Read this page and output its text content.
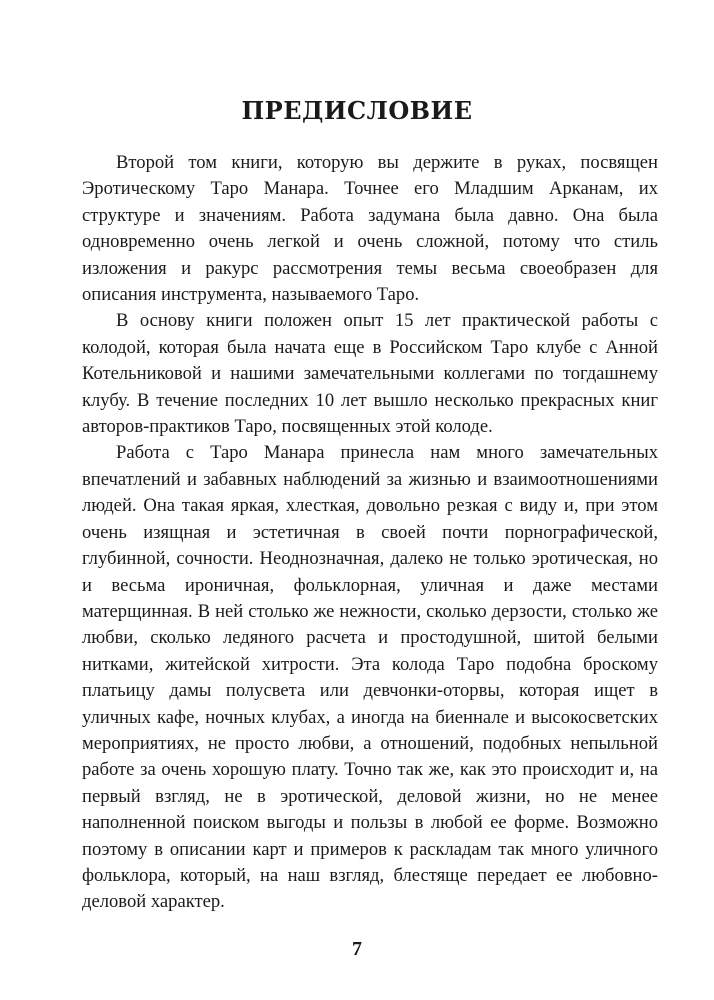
ПРЕДИСЛОВИЕ

Второй том книги, которую вы держите в руках, посвящен Эротическому Таро Манара. Точнее его Младшим Арканам, их структуре и значениям. Работа задумана была давно. Она была одновременно очень легкой и очень сложной, потому что стиль изложения и ракурс рассмотрения темы весьма своеобразен для описания инструмента, называемого Таро.

В основу книги положен опыт 15 лет практической работы с колодой, которая была начата еще в Российском Таро клубе с Анной Котельниковой и нашими замечательными коллегами по тогдашнему клубу. В течение последних 10 лет вышло несколько прекрасных книг авторов-практиков Таро, посвященных этой колоде.

Работа с Таро Манара принесла нам много замечательных впечатлений и забавных наблюдений за жизнью и взаимоотношениями людей. Она такая яркая, хлесткая, довольно резкая с виду и, при этом очень изящная и эстетичная в своей почти порнографической, глубинной, сочности. Неоднозначная, далеко не только эротическая, но и весьма ироничная, фольклорная, уличная и даже местами матерщинная. В ней столько же нежности, сколько дерзости, столько же любви, сколько ледяного расчета и простодушной, шитой белыми нитками, житейской хитрости. Эта колода Таро подобна броскому платьицу дамы полусвета или девчонки-оторвы, которая ищет в уличных кафе, ночных клубах, а иногда на биеннале и высокосветских мероприятиях, не просто любви, а отношений, подобных непыльной работе за очень хорошую плату. Точно так же, как это происходит и, на первый взгляд, не в эротической, деловой жизни, но не менее наполненной поиском выгоды и пользы в любой ее форме. Возможно поэтому в описании карт и примеров к раскладам так много уличного фольклора, который, на наш взгляд, блестяще передает ее любовно-деловой характер.

7
